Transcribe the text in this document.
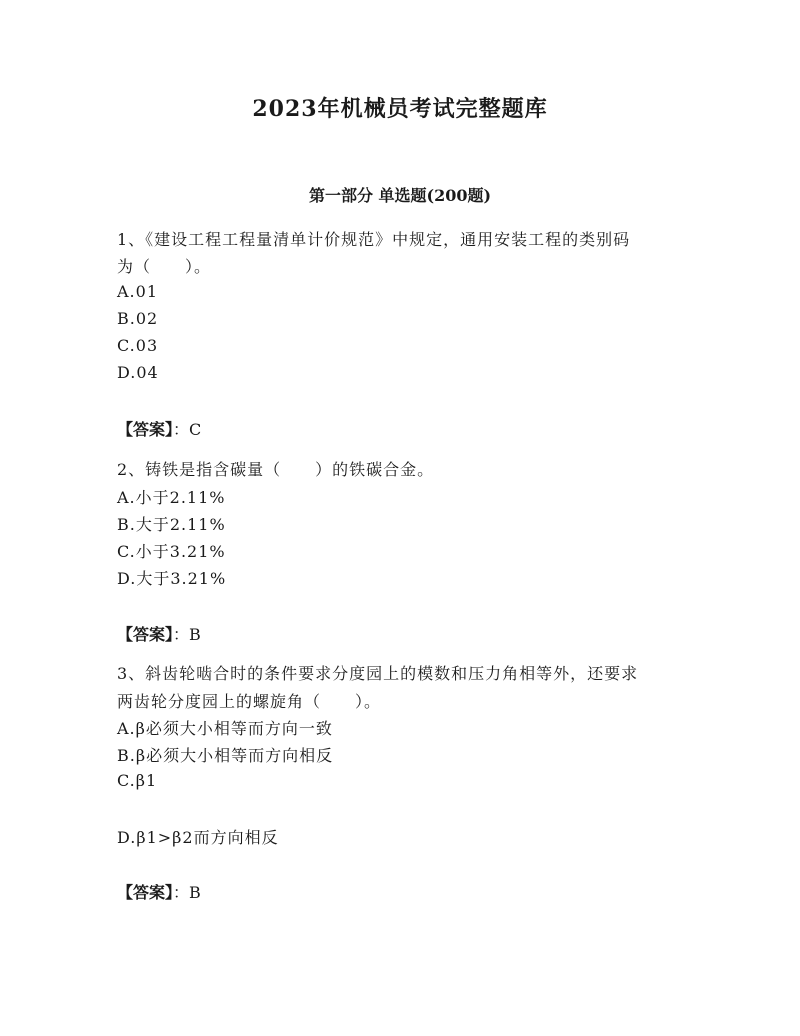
2023年机械员考试完整题库
第一部分 单选题(200题)
1、《建设工程工程量清单计价规范》中规定，通用安装工程的类别码
为（　　）。
A.01
B.02
C.03
D.04
【答案】：C
2、铸铁是指含碳量（　　）的铁碳合金。
A.小于2.11%
B.大于2.11%
C.小于3.21%
D.大于3.21%
【答案】：B
3、斜齿轮啮合时的条件要求分度园上的模数和压力角相等外，还要求
两齿轮分度园上的螺旋角（　　）。
A.β必须大小相等而方向一致
B.β必须大小相等而方向相反
C.β1
D.β1>β2而方向相反
【答案】：B
